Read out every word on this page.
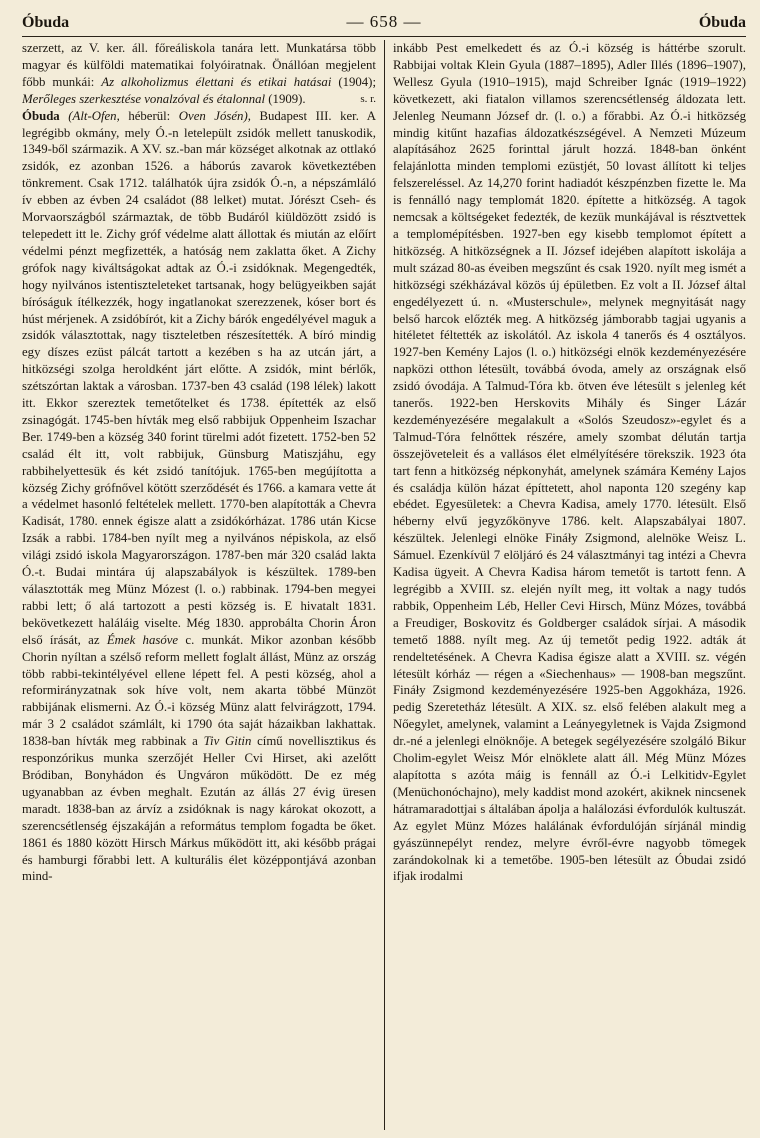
Óbuda	— 658 —	Óbuda

szerzett, az V. ker. áll. főreáliskola tanára lett. Munkatársa több magyar és külföldi matematikai folyóiratnak. Önállóan megjelent főbb munkái: Az alkoholizmus élettani és etikai hatásai (1904); Merőleges szerkesztése vonalzóval és étalonnal (1909).	s. r.

Óbuda (Alt-Ofen, héberül: Oven Jósén), Budapest III. ker. A legrégibb okmány, mely Ó.-n letelepült zsidók mellett tanuskodik, 1349-ből származik. A XV. sz.-ban már községet alkotnak az ottlakó zsidók, ez azonban 1526. a háborús zavarok következtében tönkrement. Csak 1712. találhatók újra zsidók Ó.-n, a népszámláló ív ebben az évben 24 családot (88 lelket) mutat. Jórészt Cseh- és Morvaországból származtak, de több Budáról kiüldözött zsidó is telepedett itt le. Zichy gróf védelme alatt állottak és miután az előírt védelmi pénzt megfizették, a hatóság nem zaklatta őket. A Zichy grófok nagy kiváltságokat adtak az Ó.-i zsidóknak. Megengedték, hogy nyilvános istentiszteleteket tartsanak, hogy belügyeikben saját bíróságuk ítélkezzék, hogy ingatlanokat szerezzenek, kóser bort és húst mérjenek. A zsidóbírót, kit a Zichy bárók engedélyével maguk a zsidók választottak, nagy tiszteletben részesítették. A bíró mindig egy díszes ezüst pálcát tartott a kezében s ha az utcán járt, a hitközségi szolga heroldként járt előtte. A zsidók, mint bérlők, szétszórtan laktak a városban. 1737-ben 43 család (198 lélek) lakott itt. Ekkor szereztek temetőtelket és 1738. építették az első zsinagógát. 1745-ben hívták meg első rabbijuk Oppenheim Iszachar Ber. 1749-ben a község 340 forint türelmi adót fizetett. 1752-ben 52 család élt itt, volt rabbijuk, Günsburg Matiszjáhu, egy rabbihelyettesük és két zsidó tanítójuk. 1765-ben megújította a község Zichy grófnővel kötött szerződését és 1766. a kamara vette át a védelmet hasonló feltételek mellett. 1770-ben alapították a Chevra Kadisát, 1780. ennek égisze alatt a zsidókórházat. 1786 után Kicse Izsák a rabbi. 1784-ben nyílt meg a nyilvános népiskola, az első világi zsidó iskola Magyarországon. 1787-ben már 320 család lakta Ó.-t. Budai mintára új alapszabályok is készültek. 1789-ben választották meg Münz Mózest (l. o.) rabbinak. 1794-ben megyei rabbi lett; ő alá tartozott a pesti község is. E hivatalt 1831. bekövetkezett haláláig viselte. Még 1830. approbálta Chorin Áron első írását, az Émek hasóve c. munkát. Mikor azonban később Chorin nyíltan a szélső reform mellett foglalt állást, Münz az ország több rabbi-tekintélyével ellene lépett fel. A pesti község, ahol a reformirányzatnak sok híve volt, nem akarta többé Münzöt rabbijának elismerni. Az Ó.-i község Münz alatt felvirágzott, 1794. már 3 2 családot számlált, ki 1790 óta saját házaikban lakhattak. 1838-ban hívták meg rabbinak a Tiv Gitin című novellisztikus és responzórikus munka szerzőjét Heller Cvi Hirset, aki azelőtt Bródiban, Bonyhádon és Ungváron működött. De ez még ugyanabban az évben meghalt. Ezután az állás 27 évig üresen maradt. 1838-ban az árvíz a zsidóknak is nagy károkat okozott, a szerencsétlenség éjszakáján a református templom fogadta be őket. 1861 és 1880 között Hirsch Márkus működött itt, aki később prágai és hamburgi főrabbi lett. A kulturális élet középpontjává azonban mind-

inkább Pest emelkedett és az Ó.-i község is háttérbe szorult. Rabbijai voltak Klein Gyula (1887–1895), Adler Illés (1896–1907), Wellesz Gyula (1910–1915), majd Schreiber Ignác (1919–1922) következett, aki fiatalon villamos szerencsétlenség áldozata lett. Jelenleg Neumann József dr. (l. o.) a főrabbi. Az Ó.-i hitközség mindig kitűnt hazafias áldozatkészségével. A Nemzeti Múzeum alapításához 2625 forinttal járult hozzá. 1848-ban önként felajánlotta minden templomi ezüstjét, 50 lovast állított ki teljes felszereléssel. Az 14,270 forint hadiadót készpénzben fizette le. Ma is fennálló nagy templomát 1820. építette a hitközség. A tagok nemcsak a költségeket fedezték, de kezük munkájával is résztvettek a templomépítésben. 1927-ben egy kisebb templomot épített a hitközség. A hitközségnek a II. József idejében alapított iskolája a mult század 80-as éveiben megszűnt és csak 1920. nyílt meg ismét a hitközségi székházával közös új épületben. Ez volt a II. József által engedélyezett ú. n. «Musterschule», melynek megnyitását nagy belső harcok előzték meg. A hitközség jámborabb tagjai ugyanis a hitéletet féltették az iskolától. Az iskola 4 tanerős és 4 osztályos. 1927-ben Kemény Lajos (l. o.) hitközségi elnök kezdeményezésére napközi otthon létesült, továbbá óvoda, amely az országnak első zsidó óvodája. A Talmud-Tóra kb. ötven éve létesült s jelenleg két tanerős. 1922-ben Herskovits Mihály és Singer Lázár kezdeményezésére megalakult a «Solós Szeudosz»-egylet és a Talmud-Tóra felnőttek részére, amely szombat délután tartja összejöveteleit és a vallásos élet elmélyítésére törekszik. 1923 óta tart fenn a hitközség népkonyhát, amelynek számára Kemény Lajos és családja külön házat építtetett, ahol naponta 120 szegény kap ebédet. Egyesületek: a Chevra Kadisa, amely 1770. létesült. Első héberny elvű jegyzőkönyve 1786. kelt. Alapszabályai 1807. készültek. Jelenlegi elnöke Fináły Zsigmond, alelnöke Weisz L. Sámuel. Ezenkívül 7 elöljáró és 24 választmányi tag intézi a Chevra Kadisa ügyeit. A Chevra Kadisa három temetőt is tartott fenn. A legrégibb a XVIII. sz. elején nyílt meg, itt voltak a nagy tudós rabbik, Oppenheim Léb, Heller Cevi Hirsch, Münz Mózes, továbbá a Freudiger, Boskovitz és Goldberger családok sírjai. A második temető 1888. nyílt meg. Az új temetőt pedig 1922. adták át rendeltetésének. A Chevra Kadisa égisze alatt a XVIII. sz. végén létesült kórház — régen a «Siechenhaus» — 1908-ban megszűnt. Fináły Zsigmond kezdeményezésére 1925-ben Aggokháza, 1926. pedig Szeretetház létesült. A XIX. sz. első felében alakult meg a Nőegylet, amelynek, valamint a Leányegyletnek is Vajda Zsigmond dr.-né a jelenlegi elnöknője. A betegek segélyezésére szolgáló Bikur Cholim-egylet Weisz Mór elnöklete alatt áll. Még Münz Mózes alapította s azóta máig is fennáll az Ó.-i Lelkitidv-Egylet (Menüchonóchajno), mely kaddist mond azokért, akiknek nincsenek hátramaradottjai s általában ápolja a halálozási évfordulók kultuszát. Az egylet Münz Mózes halálának évfordulóján sírjánál mindig gyászünnepélyt rendez, melyre évről-évre nagyobb tömegek zarándokolnak ki a temetőbe. 1905-ben létesült az Óbudai zsidó ifjak irodalmi
